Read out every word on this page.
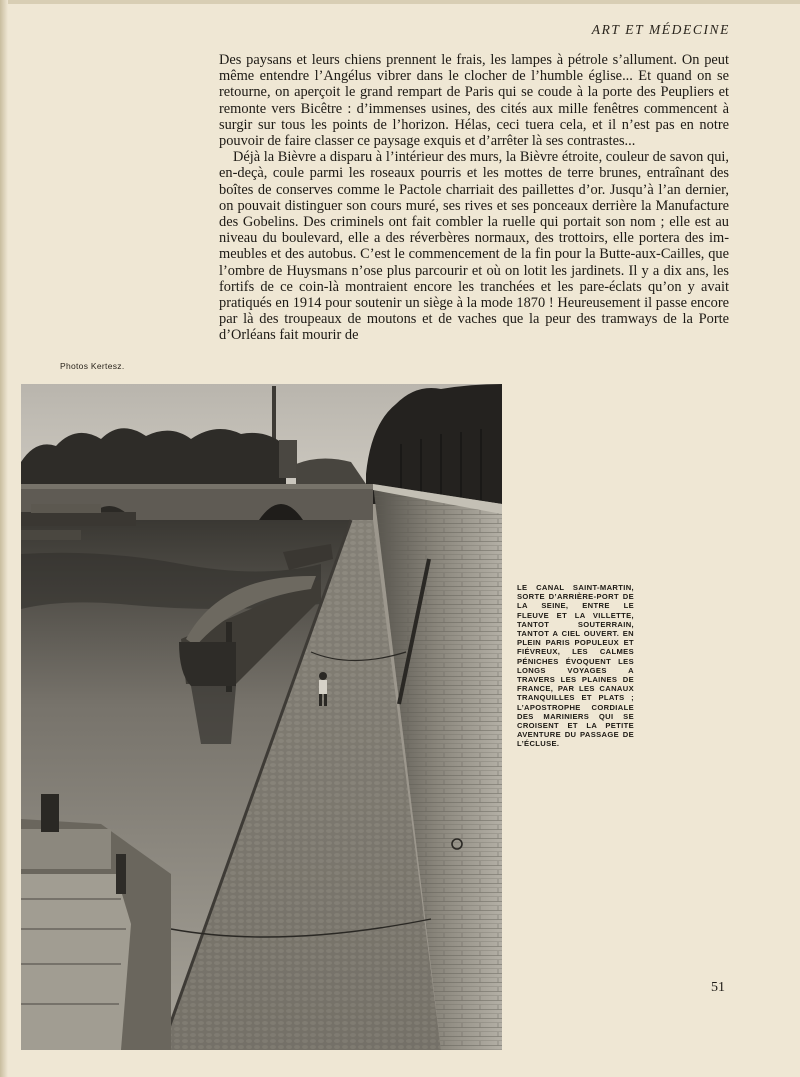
ART ET MÉDECINE

Des paysans et leurs chiens prennent le frais, les lampes à pétrole s’allument. On peut même entendre l’Angélus vibrer dans le clocher de l’humble église... Et quand on se retourne, on aperçoit le grand rempart de Paris qui se coude à la porte des Peupliers et remonte vers Bicêtre : d’immenses usines, des cités aux mille fenêtres commencent à surgir sur tous les points de l’horizon. Hélas, ceci tuera cela, et il n’est pas en notre pouvoir de faire classer ce paysage exquis et d’arrêter là ses contrastes...

Déjà la Bièvre a disparu à l’intérieur des murs, la Bièvre étroite, couleur de savon qui, en-deçà, coule parmi les roseaux pourris et les mottes de terre brunes, entraînant des boîtes de conserves comme le Pactole charriait des paillettes d’or. Jusqu’à l’an dernier, on pouvait distinguer son cours muré, ses rives et ses ponceaux derrière la Manufacture des Gobelins. Des criminels ont fait combler la ruelle qui portait son nom ; elle est au niveau du boulevard, elle a des réverbères normaux, des trottoirs, elle portera des immeubles et des autobus. C’est le commencement de la fin pour la Butte-aux-Cailles, que l’ombre de Huysmans n’ose plus parcourir et où on lotit les jardinets. Il y a dix ans, les fortifs de ce coin-là montraient encore les tranchées et les pare-éclats qu’on y avait pratiqués en 1914 pour soutenir un siège à la mode 1870 ! Heureusement il passe encore par là des troupeaux de moutons et de vaches que la peur des tramways de la Porte d’Orléans fait mourir de

Photos Kertesz.
LE CANAL SAINT-MARTIN, SORTE D’ARRIÈRE-PORT DE LA SEINE, ENTRE LE FLEUVE ET LA VILLETTE, TANTOT SOUTERRAIN, TANTOT A CIEL OUVERT. EN PLEIN PARIS POPULEUX ET FIÉVREUX, LES CALMES PÉNICHES ÉVOQUENT LES LONGS VOYAGES A TRAVERS LES PLAINES DE FRANCE, PAR LES CANAUX TRANQUILLES ET PLATS ; L’APOSTROPHE CORDIALE DES MARINIERS QUI SE CROISENT ET LA PETITE AVENTURE DU PASSAGE DE L’ÉCLUSE.
51
